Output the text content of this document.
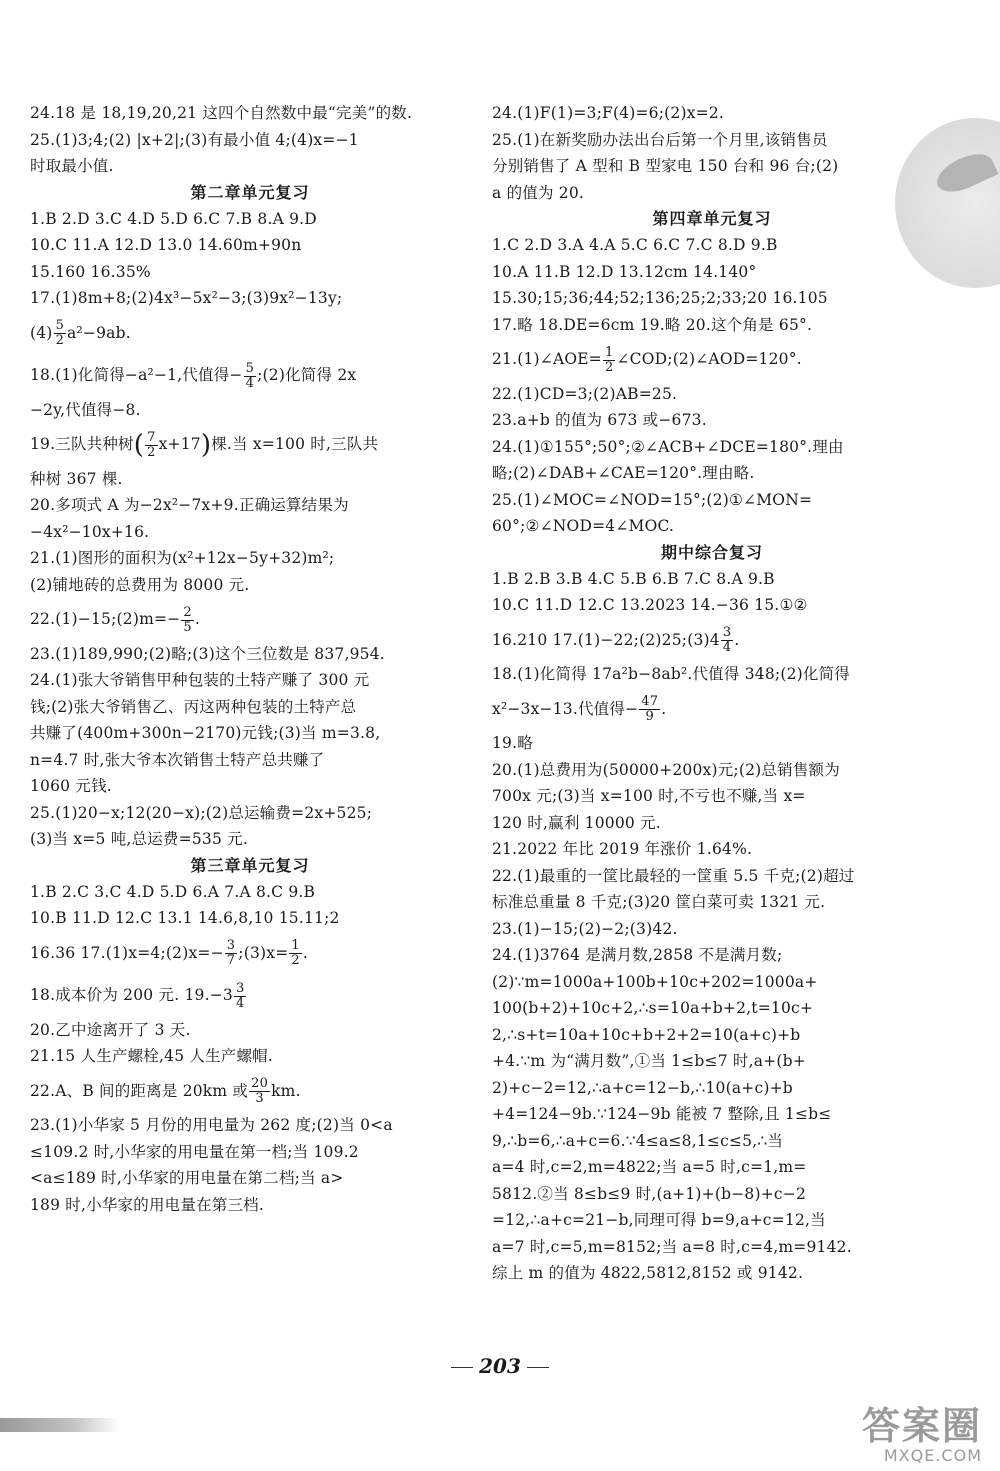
24.18 是 18,19,20,21 这四个自然数中最“完美”的数.
25.(1)3;4;(2) |x+2|;(3)有最小值 4;(4)x=−1
时取最小值.
第二章单元复习
1.B 2.D 3.C 4.D 5.D 6.C 7.B 8.A 9.D
10.C 11.A 12.D 13.0 14.60m+90n
15.160 16.35%
17.(1)8m+8;(2)4x³−5x²−3;(3)9x²−13y;
$(4) \frac{5}{2} a^2-9ab$.
18.(1)化简得−a²−1,代值得− $\frac{5}{4}$ ;(2)化简得 2x
−2y,代值得−8.
19.三队共种树( $\frac{7}{2} x+17$)棵.当 x=100 时,三队共
种树 367 棵.
20.多项式 A 为−2x²−7x+9.正确运算结果为
−4x²−10x+16.
21.(1)图形的面积为(x²+12x−5y+32)m²;
(2)铺地砖的总费用为 8000 元.
22.(1)−15;(2)m=− $\frac{2}{5}$ .
23.(1)189,990;(2)略;(3)这个三位数是 837,954.
24.(1)张大爷销售甲种包装的土特产赚了 300 元
钱;(2)张大爷销售乙、丙这两种包装的土特产总
共赚了(400m+300n−2170)元钱;(3)当 m=3.8,
n=4.7 时,张大爷本次销售土特产总共赚了
1060 元钱.
25.(1)20−x;12(20−x);(2)总运输费=2x+525;
(3)当 x=5 吨,总运费=535 元.
第三章单元复习
1.B 2.C 3.C 4.D 5.D 6.A 7.A 8.C 9.B
10.B 11.D 12.C 13.1 14.6,8,10 15.11;2
16.36 17.(1)x=4;(2)x=− $\frac{3}{7}$ ;(3)x= $\frac{1}{2}$ .
18.成本价为 200 元. $19.-3 \frac{3}{4}$
20.乙中途离开了 3 天.
21.15 人生产螺栓,45 人生产螺帽.
22.A、B 间的距离是 20km 或 $\frac{20}{3}$ km.
23.(1)小华家 5 月份的用电量为 262 度;(2)当 0<a
≤109.2 时,小华家的用电量在第一档;当 109.2
<a≤189 时,小华家的用电量在第二档;当 a>
189 时,小华家的用电量在第三档.
24.(1)F(1)=3;F(4)=6;(2)x=2.
25.(1)在新奖励办法出台后第一个月里,该销售员
分别销售了 A 型和 B 型家电 150 台和 96 台;(2)
a 的值为 20.
第四章单元复习
1.C 2.D 3.A 4.A 5.C 6.C 7.C 8.D 9.B
10.A 11.B 12.D 13.12cm 14.140°
15.30;15;36;44;52;136;25;2;33;20 16.105
17.略 18.DE=6cm 19.略 20.这个角是 65°.
21.(1)∠AOE= $\frac{1}{2}$ ∠COD;(2)∠AOD=120°.
22.(1)CD=3;(2)AB=25.
23.a+b 的值为 673 或−673.
24.(1)①155°;50°;②∠ACB+∠DCE=180°.理由
略;(2)∠DAB+∠CAE=120°.理由略.
25.(1)∠MOC=∠NOD=15°;(2)①∠MON=
60°;②∠NOD=4∠MOC.
期中综合复习
1.B 2.B 3.B 4.C 5.B 6.B 7.C 8.A 9.B
10.C 11.D 12.C 13.2023 14.−36 15.①②
16.210 17.(1)−22;(2)25;(3)4 $\frac{3}{4}$ .
18.(1)化简得 17a²b−8ab².代值得 348;(2)化简得
x²−3x−13.代值得− $\frac{47}{9}$ .
19.略
20.(1)总费用为(50000+200x)元;(2)总销售额为
700x 元;(3)当 x=100 时,不亏也不赚,当 x=
120 时,赢利 10000 元.
21.2022 年比 2019 年涨价 1.64%.
22.(1)最重的一筐比最轻的一筐重 5.5 千克;(2)超过
标准总重量 8 千克;(3)20 筐白菜可卖 1321 元.
23.(1)−15;(2)−2;(3)42.
24.(1)3764 是满月数,2858 不是满月数;
(2)∵m=1000a+100b+10c+202=1000a+
100(b+2)+10c+2,∴s=10a+b+2,t=10c+
2,∴s+t=10a+10c+b+2+2=10(a+c)+b
+4.∵m 为“满月数”,①当 1≤b≤7 时,a+(b+
2)+c−2=12,∴a+c=12−b,∴10(a+c)+b
+4=124−9b.∵124−9b 能被 7 整除,且 1≤b≤
9,∴b=6,∴a+c=6.∵4≤a≤8,1≤c≤5,∴当
a=4 时,c=2,m=4822;当 a=5 时,c=1,m=
5812.②当 8≤b≤9 时,(a+1)+(b−8)+c−2
=12,∴a+c=21−b,同理可得 b=9,a+c=12,当
a=7 时,c=5,m=8152;当 a=8 时,c=4,m=9142.
综上 m 的值为 4822,5812,8152 或 9142.
203
答案圈
MXQE.COM
